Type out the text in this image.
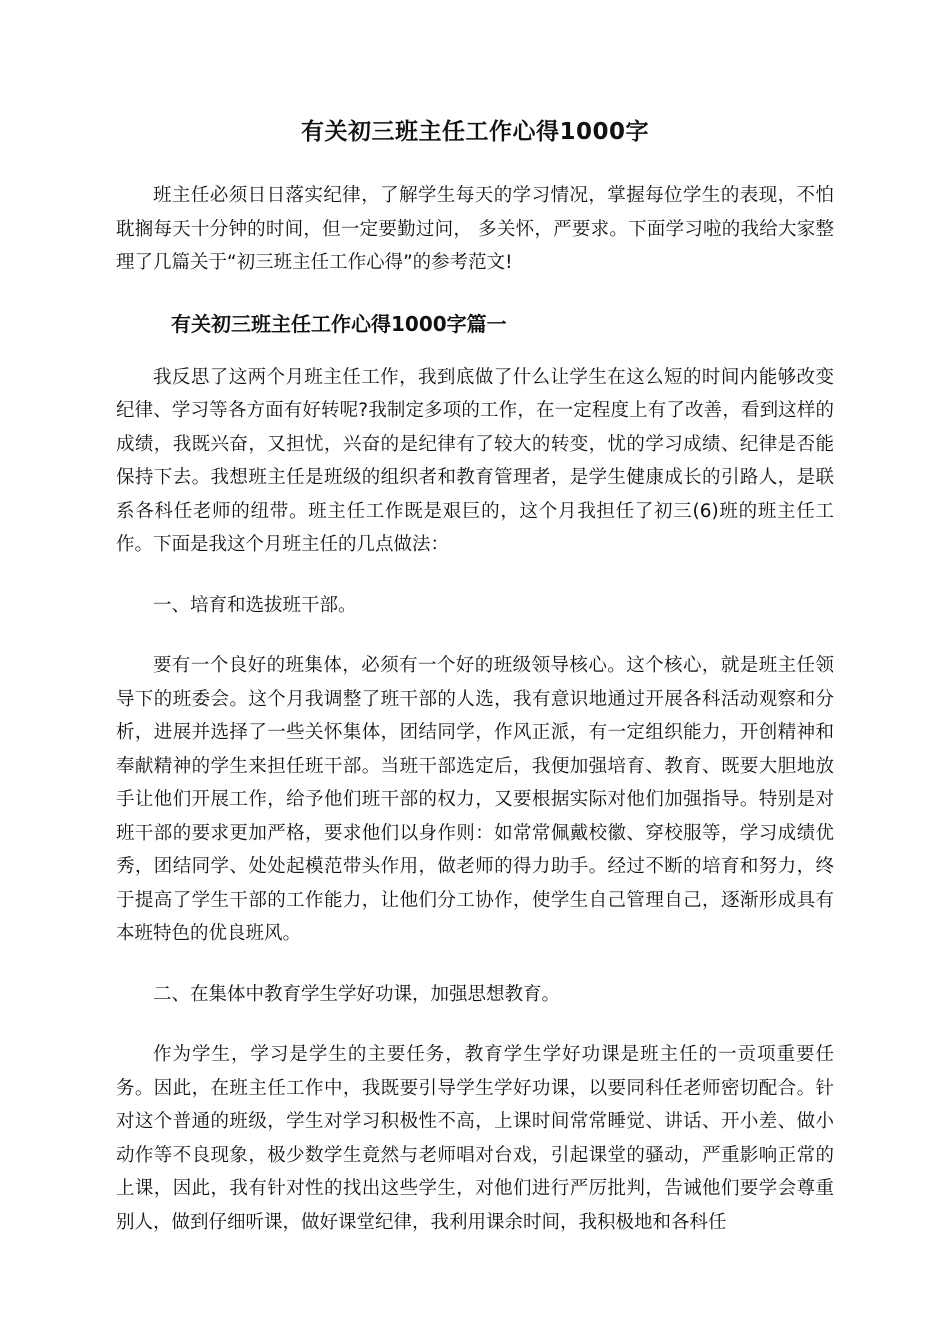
有关初三班主任工作心得1000字

班主任必须日日落实纪律，了解学生每天的学习情况，掌握每位学生的表现，不怕耽搁每天十分钟的时间，但一定要勤过问， 多关怀，严要求。下面学习啦的我给大家整理了几篇关于“初三班主任工作心得”的参考范文!

有关初三班主任工作心得1000字篇一

我反思了这两个月班主任工作，我到底做了什么让学生在这么短的时间内能够改变纪律、学习等各方面有好转呢?我制定多项的工作，在一定程度上有了改善，看到这样的成绩，我既兴奋，又担忧，兴奋的是纪律有了较大的转变，忧的学习成绩、纪律是否能保持下去。我想班主任是班级的组织者和教育管理者，是学生健康成长的引路人，是联系各科任老师的纽带。班主任工作既是艰巨的，这个月我担任了初三(6)班的班主任工作。下面是我这个月班主任的几点做法：

一、培育和选拔班干部。

要有一个良好的班集体，必须有一个好的班级领导核心。这个核心，就是班主任领导下的班委会。这个月我调整了班干部的人选，我有意识地通过开展各科活动观察和分析，进展并选择了一些关怀集体，团结同学，作风正派，有一定组织能力，开创精神和奉献精神的学生来担任班干部。当班干部选定后，我便加强培育、教育、既要大胆地放手让他们开展工作，给予他们班干部的权力，又要根据实际对他们加强指导。特别是对班干部的要求更加严格，要求他们以身作则：如常常佩戴校徽、穿校服等，学习成绩优秀，团结同学、处处起模范带头作用，做老师的得力助手。经过不断的培育和努力，终于提高了学生干部的工作能力，让他们分工协作，使学生自己管理自己，逐渐形成具有本班特色的优良班风。

二、在集体中教育学生学好功课，加强思想教育。

作为学生，学习是学生的主要任务，教育学生学好功课是班主任的一贡项重要任务。因此，在班主任工作中，我既要引导学生学好功课，以要同科任老师密切配合。针对这个普通的班级，学生对学习积极性不高，上课时间常常睡觉、讲话、开小差、做小动作等不良现象，极少数学生竟然与老师唱对台戏，引起课堂的骚动，严重影响正常的上课，因此，我有针对性的找出这些学生，对他们进行严厉批判，告诫他们要学会尊重别人，做到仔细听课，做好课堂纪律，我利用课余时间，我积极地和各科任
